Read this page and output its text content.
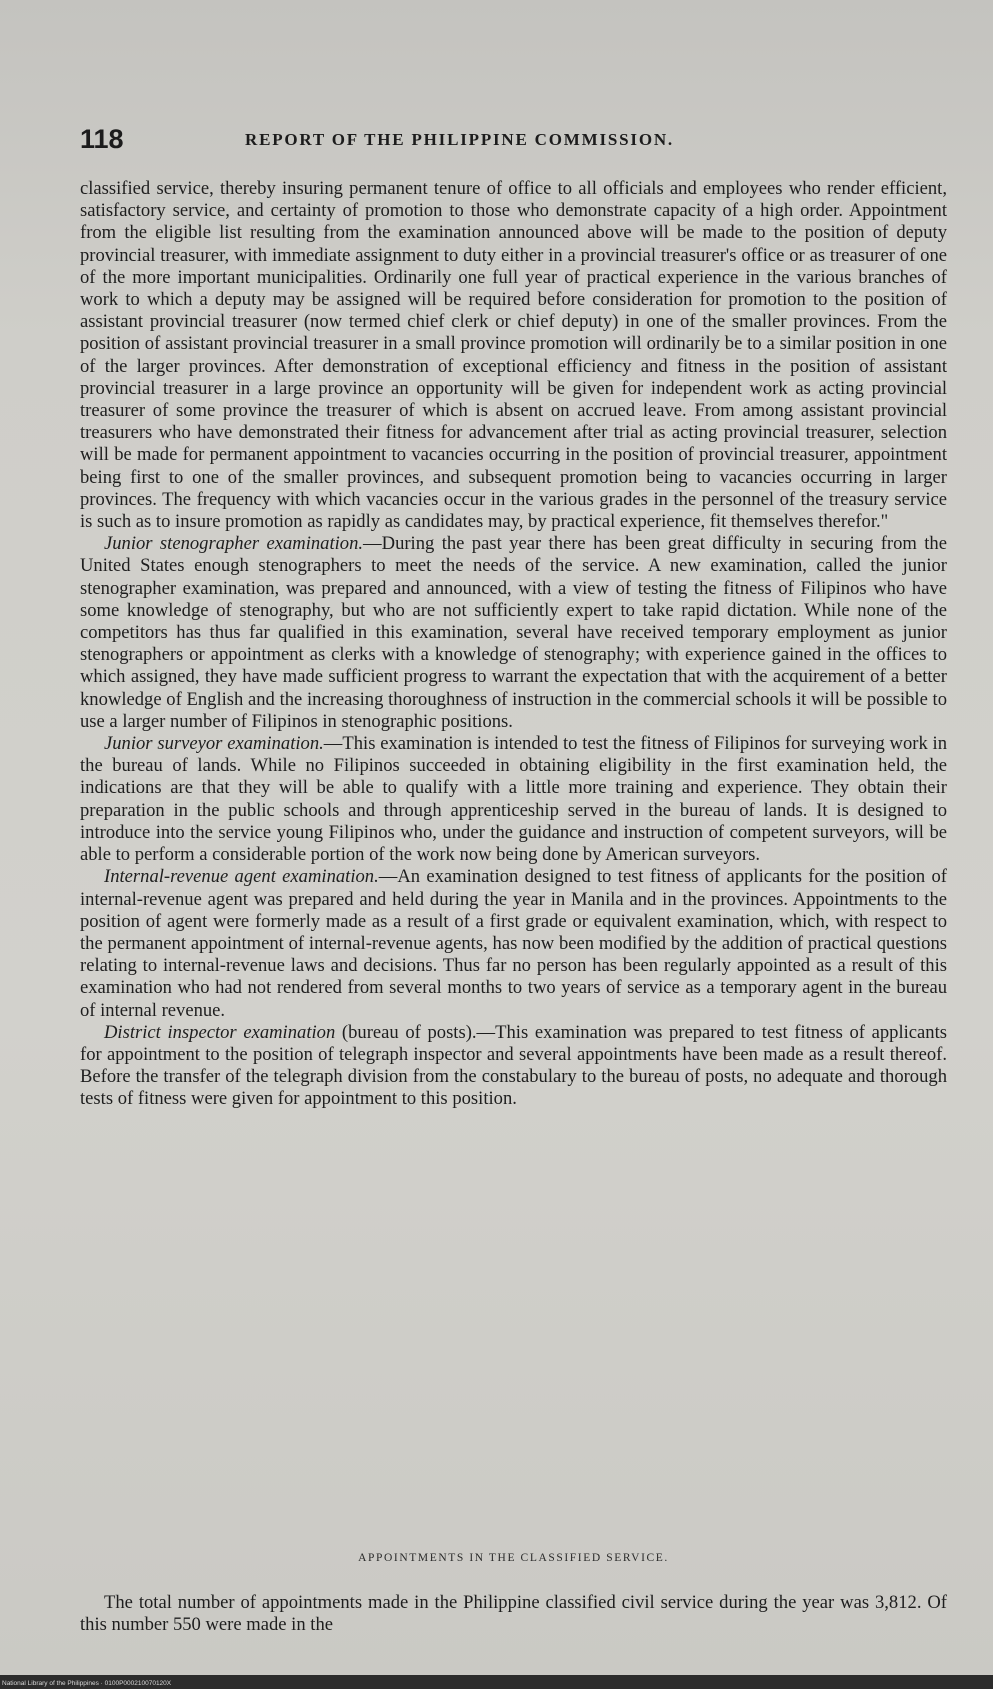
118	REPORT OF THE PHILIPPINE COMMISSION.

classified service, thereby insuring permanent tenure of office to all officials and employees who render efficient, satisfactory service, and certainty of promotion to those who demonstrate capacity of a high order. Appointment from the eligible list resulting from the examination announced above will be made to the position of deputy provincial treasurer, with immediate assignment to duty either in a provincial treasurer's office or as treasurer of one of the more important municipalities. Ordinarily one full year of practical experience in the various branches of work to which a deputy may be assigned will be required before consideration for promotion to the position of assistant provincial treasurer (now termed chief clerk or chief deputy) in one of the smaller provinces. From the position of assistant provincial treasurer in a small province promotion will ordinarily be to a similar position in one of the larger provinces. After demonstration of exceptional efficiency and fitness in the position of assistant provincial treasurer in a large province an opportunity will be given for independent work as acting provincial treasurer of some province the treasurer of which is absent on accrued leave. From among assistant provincial treasurers who have demonstrated their fitness for advancement after trial as acting provincial treasurer, selection will be made for permanent appointment to vacancies occurring in the position of provincial treasurer, appointment being first to one of the smaller provinces, and subsequent promotion being to vacancies occurring in larger provinces. The frequency with which vacancies occur in the various grades in the personnel of the treasury service is such as to insure promotion as rapidly as candidates may, by practical experience, fit themselves therefor."

Junior stenographer examination.—During the past year there has been great difficulty in securing from the United States enough stenographers to meet the needs of the service. A new examination, called the junior stenographer examination, was prepared and announced, with a view of testing the fitness of Filipinos who have some knowledge of stenography, but who are not sufficiently expert to take rapid dictation. While none of the competitors has thus far qualified in this examination, several have received temporary employment as junior stenographers or appointment as clerks with a knowledge of stenography; with experience gained in the offices to which assigned, they have made sufficient progress to warrant the expectation that with the acquirement of a better knowledge of English and the increasing thoroughness of instruction in the commercial schools it will be possible to use a larger number of Filipinos in stenographic positions.

Junior surveyor examination.—This examination is intended to test the fitness of Filipinos for surveying work in the bureau of lands. While no Filipinos succeeded in obtaining eligibility in the first examination held, the indications are that they will be able to qualify with a little more training and experience. They obtain their preparation in the public schools and through apprenticeship served in the bureau of lands. It is designed to introduce into the service young Filipinos who, under the guidance and instruction of competent surveyors, will be able to perform a considerable portion of the work now being done by American surveyors.

Internal-revenue agent examination.—An examination designed to test fitness of applicants for the position of internal-revenue agent was prepared and held during the year in Manila and in the provinces. Appointments to the position of agent were formerly made as a result of a first grade or equivalent examination, which, with respect to the permanent appointment of internal-revenue agents, has now been modified by the addition of practical questions relating to internal-revenue laws and decisions. Thus far no person has been regularly appointed as a result of this examination who had not rendered from several months to two years of service as a temporary agent in the bureau of internal revenue.

District inspector examination (bureau of posts).—This examination was prepared to test fitness of applicants for appointment to the position of telegraph inspector and several appointments have been made as a result thereof. Before the transfer of the telegraph division from the constabulary to the bureau of posts, no adequate and thorough tests of fitness were given for appointment to this position.

APPOINTMENTS IN THE CLASSIFIED SERVICE.

The total number of appointments made in the Philippine classified civil service during the year was 3,812. Of this number 550 were made in the

National Library of the Philippines · 0100P000210070120X
